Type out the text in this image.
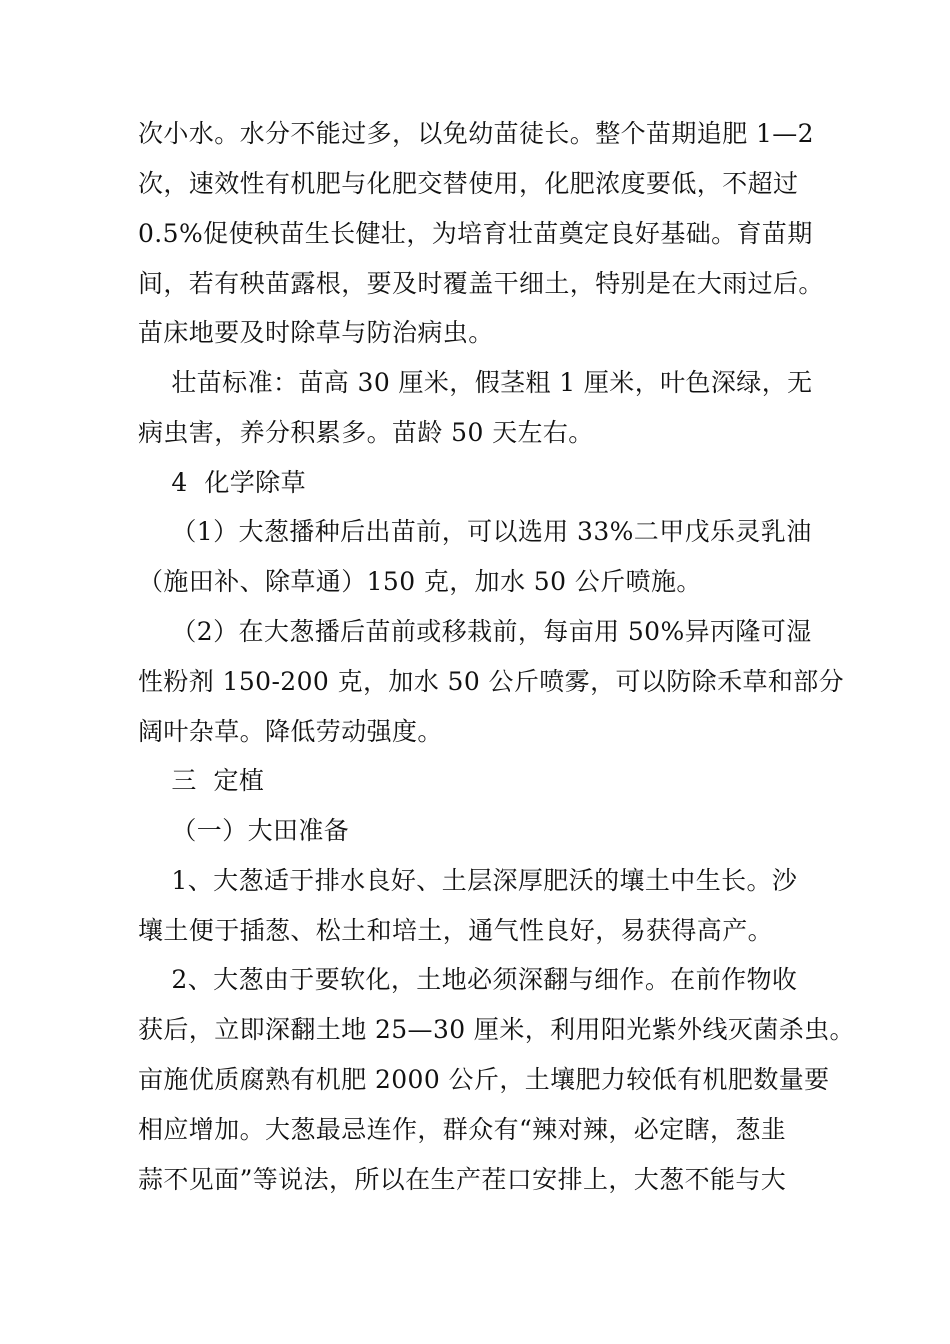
次小水。水分不能过多，以免幼苗徒长。整个苗期追肥 1—2
次，速效性有机肥与化肥交替使用，化肥浓度要低，不超过
0.5%促使秧苗生长健壮，为培育壮苗奠定良好基础。育苗期
间，若有秧苗露根，要及时覆盖干细土，特别是在大雨过后。
苗床地要及时除草与防治病虫。
壮苗标准：苗高 30 厘米，假茎粗 1 厘米，叶色深绿，无
病虫害，养分积累多。苗龄 50 天左右。
4  化学除草
（1）大葱播种后出苗前，可以选用 33%二甲戊乐灵乳油
（施田补、除草通）150 克，加水 50 公斤喷施。
（2）在大葱播后苗前或移栽前，每亩用 50%异丙隆可湿
性粉剂 150-200 克，加水 50 公斤喷雾，可以防除禾草和部分
阔叶杂草。降低劳动强度。
三  定植
（一）大田准备
1、大葱适于排水良好、土层深厚肥沃的壤土中生长。沙
壤土便于插葱、松土和培土，通气性良好，易获得高产。
2、大葱由于要软化，土地必须深翻与细作。在前作物收
获后，立即深翻土地 25—30 厘米，利用阳光紫外线灭菌杀虫。
亩施优质腐熟有机肥 2000 公斤，土壤肥力较低有机肥数量要
相应增加。大葱最忌连作，群众有“辣对辣，必定瞎，葱韭
蒜不见面”等说法，所以在生产茬口安排上，大葱不能与大
